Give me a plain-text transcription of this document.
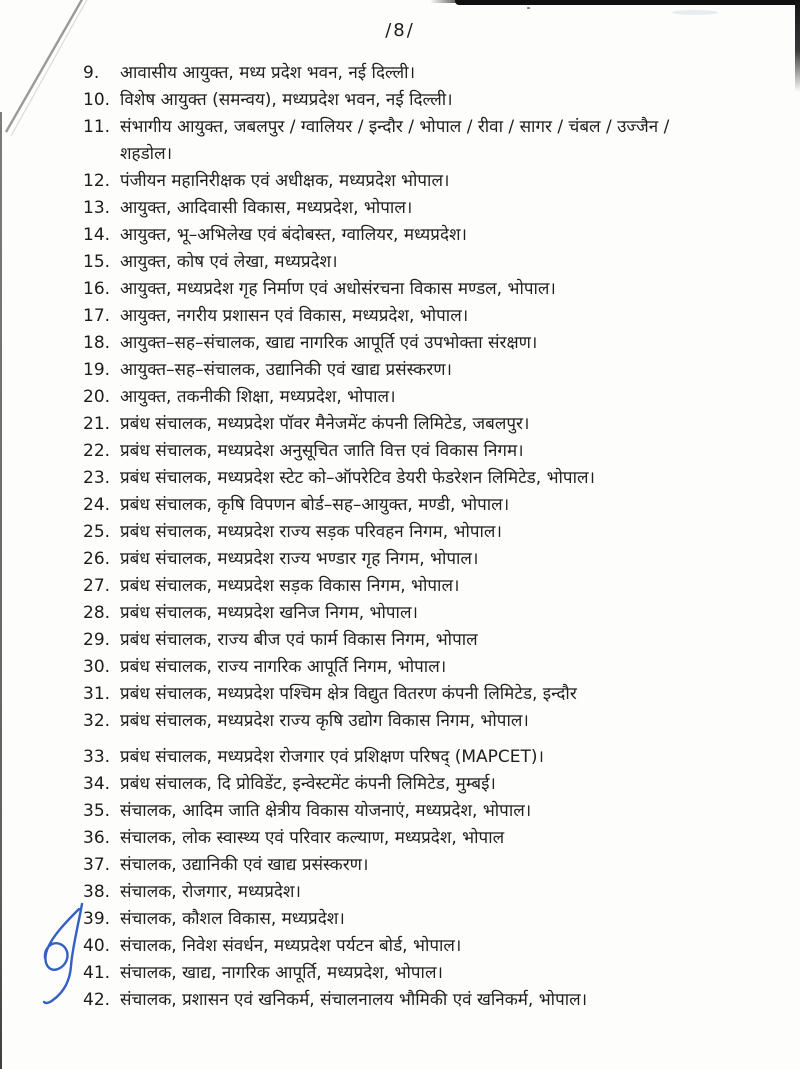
/8/
9.	आवासीय आयुक्त, मध्य प्रदेश भवन, नई दिल्ली।
10. विशेष आयुक्त (समन्वय), मध्यप्रदेश भवन, नई दिल्ली।
11. संभागीय आयुक्त, जबलपुर / ग्वालियर / इन्दौर / भोपाल / रीवा / सागर / चंबल / उज्जैन /
शहडोल।
12. पंजीयन महानिरीक्षक एवं अधीक्षक, मध्यप्रदेश भोपाल।
13. आयुक्त, आदिवासी विकास, मध्यप्रदेश, भोपाल।
14. आयुक्त, भू–अभिलेख एवं बंदोबस्त, ग्वालियर, मध्यप्रदेश।
15. आयुक्त, कोष एवं लेखा, मध्यप्रदेश।
16. आयुक्त, मध्यप्रदेश गृह निर्माण एवं अधोसंरचना विकास मण्डल, भोपाल।
17. आयुक्त, नगरीय प्रशासन एवं विकास, मध्यप्रदेश, भोपाल।
18. आयुक्त–सह–संचालक, खाद्य नागरिक आपूर्ति एवं उपभोक्ता संरक्षण।
19. आयुक्त–सह–संचालक, उद्यानिकी एवं खाद्य प्रसंस्करण।
20. आयुक्त, तकनीकी शिक्षा, मध्यप्रदेश, भोपाल।
21. प्रबंध संचालक, मध्यप्रदेश पॉवर मैनेजमेंट कंपनी लिमिटेड, जबलपुर।
22. प्रबंध संचालक, मध्यप्रदेश अनुसूचित जाति वित्त एवं विकास निगम।
23. प्रबंध संचालक, मध्यप्रदेश स्टेट को–ऑपरेटिव डेयरी फेडरेशन लिमिटेड, भोपाल।
24. प्रबंध संचालक, कृषि विपणन बोर्ड–सह–आयुक्त, मण्डी, भोपाल।
25. प्रबंध संचालक, मध्यप्रदेश राज्य सड़क परिवहन निगम, भोपाल।
26. प्रबंध संचालक, मध्यप्रदेश राज्य भण्डार गृह निगम, भोपाल।
27. प्रबंध संचालक, मध्यप्रदेश सड़क विकास निगम, भोपाल।
28. प्रबंध संचालक, मध्यप्रदेश खनिज निगम, भोपाल।
29. प्रबंध संचालक, राज्य बीज एवं फार्म विकास निगम, भोपाल
30. प्रबंध संचालक, राज्य नागरिक आपूर्ति निगम, भोपाल।
31. प्रबंध संचालक, मध्यप्रदेश पश्चिम क्षेत्र विद्युत वितरण कंपनी लिमिटेड, इन्दौर
32. प्रबंध संचालक, मध्यप्रदेश राज्य कृषि उद्योग विकास निगम, भोपाल।
33. प्रबंध संचालक, मध्यप्रदेश रोजगार एवं प्रशिक्षण परिषद् (MAPCET)।
34. प्रबंध संचालक, दि प्रोविडेंट, इन्वेस्टमेंट कंपनी लिमिटेड, मुम्बई।
35. संचालक, आदिम जाति क्षेत्रीय विकास योजनाएं, मध्यप्रदेश, भोपाल।
36. संचालक, लोक स्वास्थ्य एवं परिवार कल्याण, मध्यप्रदेश, भोपाल
37. संचालक, उद्यानिकी एवं खाद्य प्रसंस्करण।
38. संचालक, रोजगार, मध्यप्रदेश।
39. संचालक, कौशल विकास, मध्यप्रदेश।
40. संचालक, निवेश संवर्धन, मध्यप्रदेश पर्यटन बोर्ड, भोपाल।
41. संचालक, खाद्य, नागरिक आपूर्ति, मध्यप्रदेश, भोपाल।
42. संचालक, प्रशासन एवं खनिकर्म, संचालनालय भौमिकी एवं खनिकर्म, भोपाल।
